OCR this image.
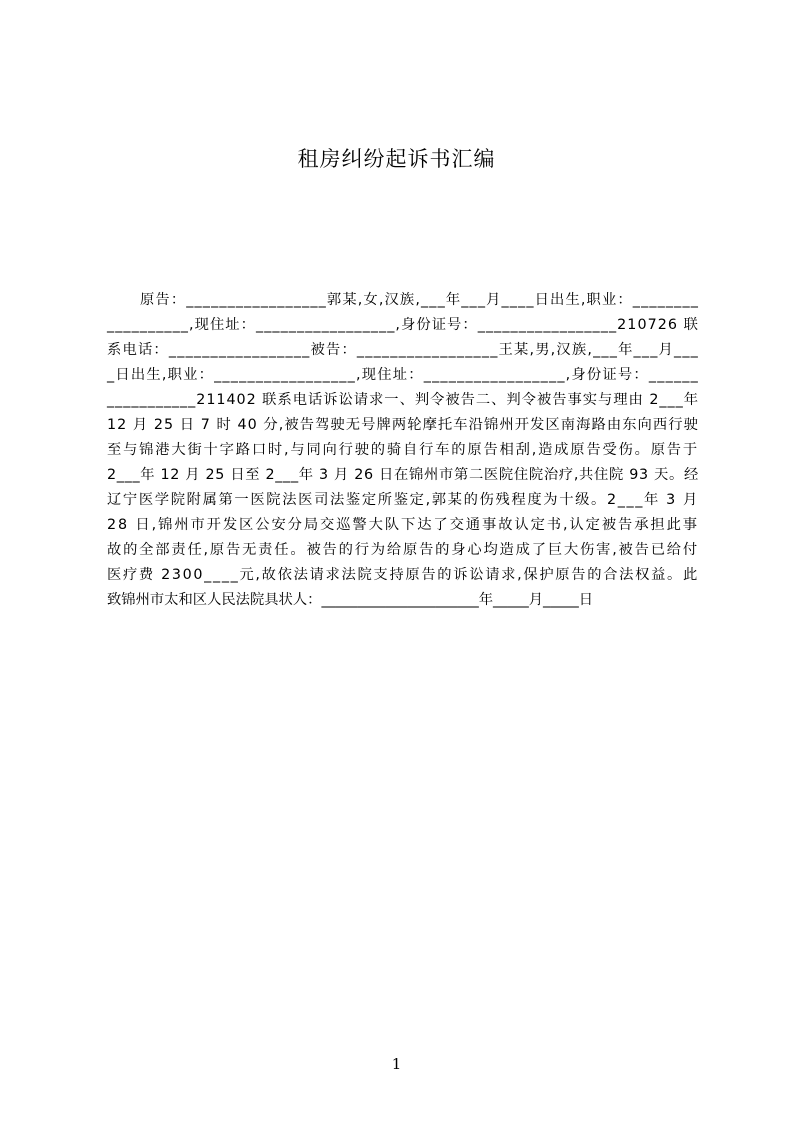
租房纠纷起诉书汇编
原告：_________________郭某,女,汉族,___年___月____日出生,职业：________
__________,现住址：_________________,身份证号：_________________210726 联
系电话：_________________被告：_________________王某,男,汉族,___年___月___
_日出生,职业：_________________,现住址：_________________,身份证号：______
___________211402 联系电话诉讼请求一、判令被告二、判令被告事实与理由 2___年
12 月 25 日 7 时 40 分,被告驾驶无号牌两轮摩托车沿锦州开发区南海路由东向西行驶
至与锦港大街十字路口时,与同向行驶的骑自行车的原告相刮,造成原告受伤。原告于
2___年 12 月 25 日至 2___年 3 月 26 日在锦州市第二医院住院治疗,共住院 93 天。经
辽宁医学院附属第一医院法医司法鉴定所鉴定,郭某的伤残程度为十级。2___年 3 月
28 日,锦州市开发区公安分局交巡警大队下达了交通事故认定书,认定被告承担此事
故的全部责任,原告无责任。被告的行为给原告的身心均造成了巨大伤害,被告已给付
医疗费 2300____元,故依法请求法院支持原告的诉讼请求,保护原告的合法权益。此
致锦州市太和区人民法院具状人：______________________年_____月_____日
1
